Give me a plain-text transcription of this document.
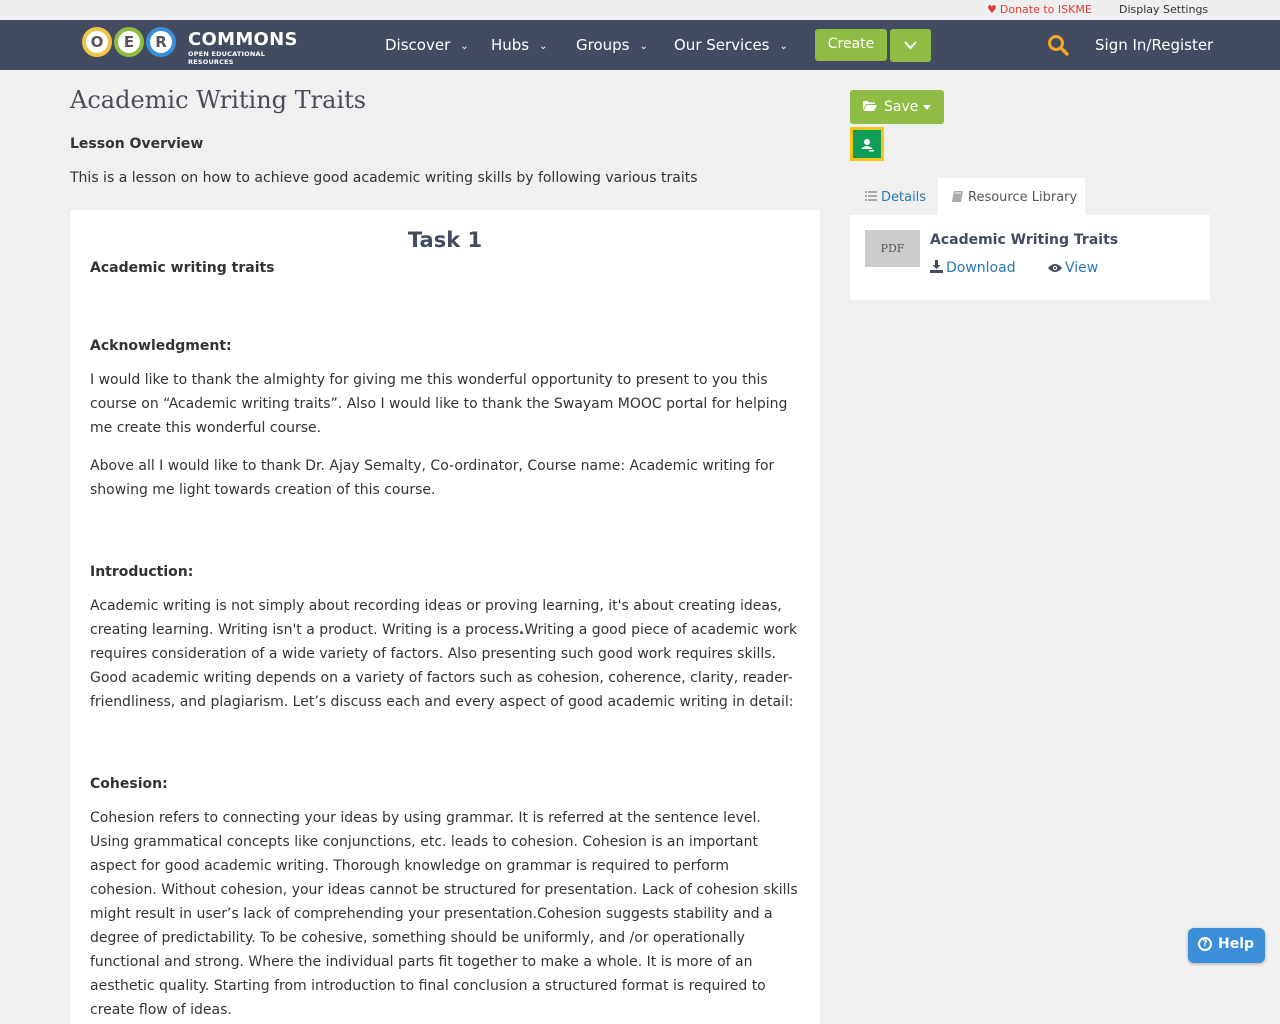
♥ Donate to ISKME Display Settings
O	E	R	COMMONS
OPEN EDUCATIONAL RESOURCES
Discover ⌄ Hubs ⌄ Groups ⌄ Our Services ⌄	Create	Sign In/Register
Academic Writing Traits
Lesson Overview
This is a lesson on how to achieve good academic writing skills by following various traits
Task 1
Academic writing traits
Acknowledgment:

I would like to thank the almighty for giving me this wonderful opportunity to present to you this course on “Academic writing traits”. Also I would like to thank the Swayam MOOC portal for helping me create this wonderful course.

Above all I would like to thank Dr. Ajay Semalty, Co-ordinator, Course name: Academic writing for showing me light towards creation of this course.

Introduction:

Academic writing is not simply about recording ideas or proving learning, it's about creating ideas, creating learning. Writing isn't a product. Writing is a process.Writing a good piece of academic work requires consideration of a wide variety of factors. Also presenting such good work requires skills. Good academic writing depends on a variety of factors such as cohesion, coherence, clarity, reader-friendliness, and plagiarism. Let’s discuss each and every aspect of good academic writing in detail:

Cohesion:

Cohesion refers to connecting your ideas by using grammar. It is referred at the sentence level. Using grammatical concepts like conjunctions, etc. leads to cohesion. Cohesion is an important aspect for good academic writing. Thorough knowledge on grammar is required to perform cohesion. Without cohesion, your ideas cannot be structured for presentation. Lack of cohesion skills might result in user’s lack of comprehending your presentation.Cohesion suggests stability and a degree of predictability. To be cohesive, something should be uniformly, and /or operationally functional and strong. Where the individual parts fit together to make a whole. It is more of an aesthetic quality. Starting from introduction to final conclusion a structured format is required to create flow of ideas.

Save
Details	Resource Library
PDF
Academic Writing Traits
Download	View
? Help
